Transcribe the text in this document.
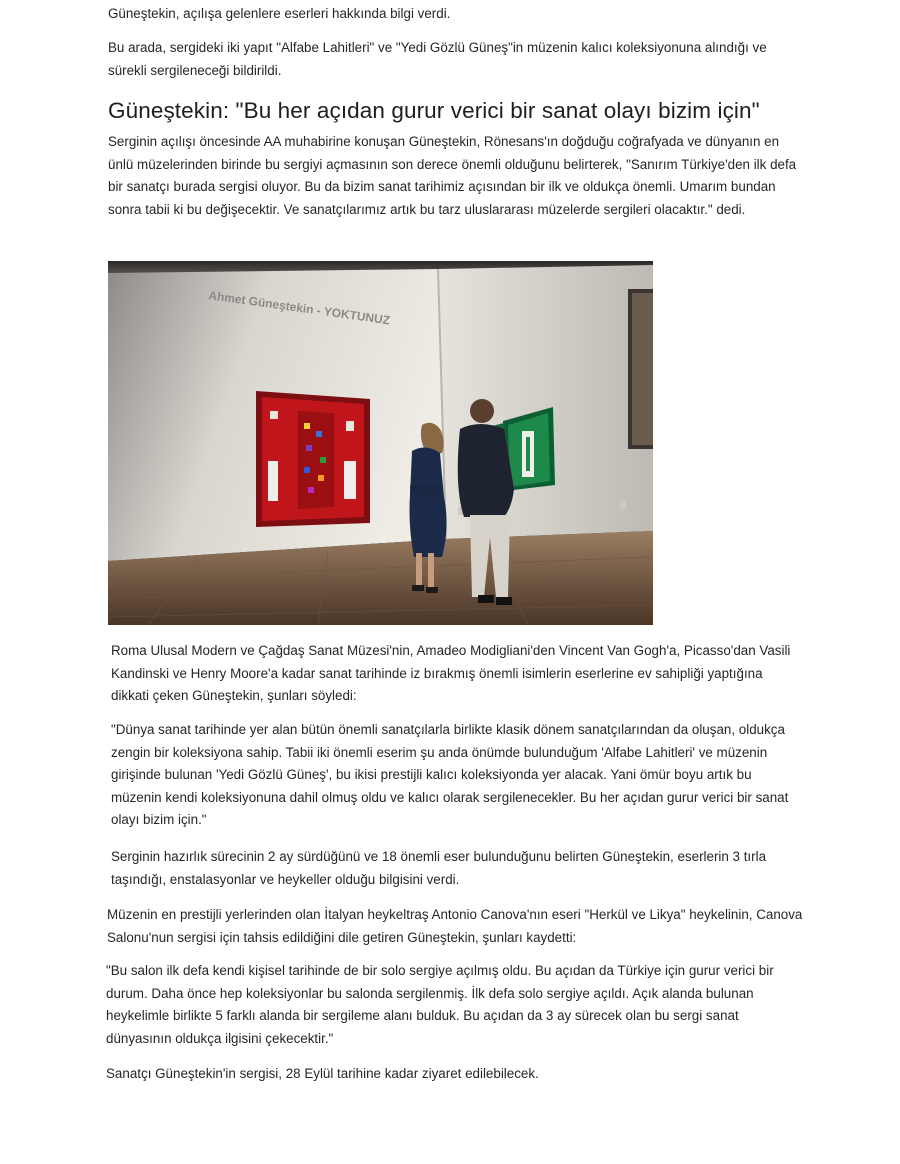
Güneştekin, açılışa gelenlere eserleri hakkında bilgi verdi.

Bu arada, sergideki iki yapıt "Alfabe Lahitleri" ve "Yedi Gözlü Güneş"in müzenin kalıcı koleksiyonuna alındığı ve sürekli sergileneceği bildirildi.

Güneştekin: "Bu her açıdan gurur verici bir sanat olayı bizim için"

Serginin açılışı öncesinde AA muhabirine konuşan Güneştekin, Rönesans'ın doğduğu coğrafyada ve dünyanın en ünlü müzelerinden birinde bu sergiyi açmasının son derece önemli olduğunu belirterek, "Sanırım Türkiye'den ilk defa bir sanatçı burada sergisi oluyor. Bu da bizim sanat tarihimiz açısından bir ilk ve oldukça önemli. Umarım bundan sonra tabii ki bu değişecektir. Ve sanatçılarımız artık bu tarz uluslararası müzelerde sergileri olacaktır." dedi.

Ahmet Güneştekin - YOKTUNUZ

Roma Ulusal Modern ve Çağdaş Sanat Müzesi'nin, Amadeo Modigliani'den Vincent Van Gogh'a, Picasso'dan Vasili Kandinski ve Henry Moore'a kadar sanat tarihinde iz bırakmış önemli isimlerin eserlerine ev sahipliği yaptığına dikkati çeken Güneştekin, şunları söyledi:

"Dünya sanat tarihinde yer alan bütün önemli sanatçılarla birlikte klasik dönem sanatçılarından da oluşan, oldukça zengin bir koleksiyona sahip. Tabii iki önemli eserim şu anda önümde bulunduğum 'Alfabe Lahitleri' ve müzenin girişinde bulunan 'Yedi Gözlü Güneş', bu ikisi prestijli kalıcı koleksiyonda yer alacak. Yani ömür boyu artık bu müzenin kendi koleksiyonuna dahil olmuş oldu ve kalıcı olarak sergilenecekler. Bu her açıdan gurur verici bir sanat olayı bizim için."

Serginin hazırlık sürecinin 2 ay sürdüğünü ve 18 önemli eser bulunduğunu belirten Güneştekin, eserlerin 3 tırla taşındığı, enstalasyonlar ve heykeller olduğu bilgisini verdi.

Müzenin en prestijli yerlerinden olan İtalyan heykeltraş Antonio Canova'nın eseri "Herkül ve Likya" heykelinin, Canova Salonu'nun sergisi için tahsis edildiğini dile getiren Güneştekin, şunları kaydetti:

"Bu salon ilk defa kendi kişisel tarihinde de bir solo sergiye açılmış oldu. Bu açıdan da Türkiye için gurur verici bir durum. Daha önce hep koleksiyonlar bu salonda sergilenmiş. İlk defa solo sergiye açıldı. Açık alanda bulunan heykelimle birlikte 5 farklı alanda bir sergileme alanı bulduk. Bu açıdan da 3 ay sürecek olan bu sergi sanat dünyasının oldukça ilgisini çekecektir."

Sanatçı Güneştekin'in sergisi, 28 Eylül tarihine kadar ziyaret edilebilecek.
